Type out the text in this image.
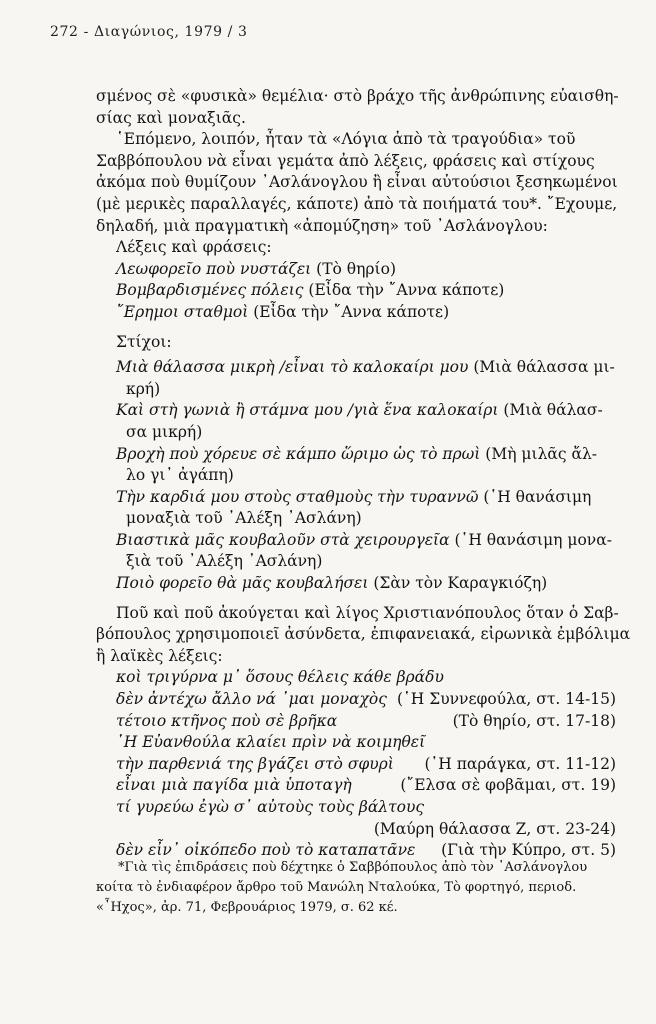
272 - Διαγώνιος, 1979 / 3
σμένος σὲ «φυσικὰ» θεμέλια· στὸ βράχο τῆς ἀνθρώπινης εὐαισθη-
σίας καὶ μοναξιᾶς.
῾Επόμενο, λοιπόν, ἦταν τὰ «Λόγια ἀπὸ τὰ τραγούδια» τοῦ
Σαββόπουλου νὰ εἶναι γεμάτα ἀπὸ λέξεις, φράσεις καὶ στίχους
ἀκόμα ποὺ θυμίζουν ᾿Ασλάνογλου ἢ εἶναι αὐτούσιοι ξεσηκωμένοι
(μὲ μερικὲς παραλλαγές, κάποτε) ἀπὸ τὰ ποιήματά του*. ῎Εχουμε,
δηλαδή, μιὰ πραγματικὴ «ἀπομύζηση» τοῦ ᾿Ασλάνογλου:
Λέξεις καὶ φράσεις:
Λεωφορεῖο ποὺ νυστάζει (Τὸ θηρίο)
Βομβαρδισμένες πόλεις (Εἶδα τὴν ῎Αννα κάποτε)
῎Ερημοι σταθμοὶ (Εἶδα τὴν ῎Αννα κάποτε)
Στίχοι:
Μιὰ θάλασσα μικρὴ /εἶναι τὸ καλοκαίρι μου (Μιὰ θάλασσα μι-
κρή)
Καὶ στὴ γωνιὰ ἢ στάμνα μου /γιὰ ἕνα καλοκαίρι (Μιὰ θάλασ-
σα μικρή)
Βροχὴ ποὺ χόρευε σὲ κάμπο ὥριμο ὡς τὸ πρωὶ (Μὴ μιλᾶς ἄλ-
λο γι᾿ ἀγάπη)
Τὴν καρδιά μου στοὺς σταθμοὺς τὴν τυραννῶ (῾Η θανάσιμη
μοναξιὰ τοῦ ᾿Αλέξη ᾿Ασλάνη)
Βιαστικὰ μᾶς κουβαλοῦν στὰ χειρουργεῖα (῾Η θανάσιμη μονα-
ξιὰ τοῦ ᾿Αλέξη ᾿Ασλάνη)
Ποιὸ φορεῖο θὰ μᾶς κουβαλήσει (Σὰν τὸν Καραγκιόζη)
Ποῦ καὶ ποῦ ἀκούγεται καὶ λίγος Χριστιανόπουλος ὅταν ὁ Σαβ-
βόπουλος χρησιμοποιεῖ ἀσύνδετα, ἐπιφανειακά, εἰρωνικὰ ἐμβόλιμα
ἢ λαϊκὲς λέξεις:
κοὶ τριγύρνα μ᾿ ὅσους θέλεις κάθε βράδυ
δὲν ἀντέχω ἄλλο νά ᾿μαι μοναχὸς (῾Η Συννεφούλα, στ. 14-15)
τέτοιο κτῆνος ποὺ σὲ βρῆκα	(Τὸ θηρίο, στ. 17-18)
῾Η Εὐανθούλα κλαίει πρὶν νὰ κοιμηθεῖ
τὴν παρθενιά της βγάζει στὸ σφυρὶ (῾Η παράγκα, στ. 11-12)
εἶναι μιὰ παγίδα μιὰ ὑποταγὴ	(῎Ελσα σὲ φοβᾶμαι, στ. 19)
τί γυρεύω ἐγὼ σ᾿ αὐτοὺς τοὺς βάλτους
(Μαύρη θάλασσα Ζ, στ. 23-24)
δὲν εἶν᾿ οἰκόπεδο ποὺ τὸ καταπατᾶνε (Γιὰ τὴν Κύπρο, στ. 5)
*Γιὰ τὶς ἐπιδράσεις ποὺ δέχτηκε ὁ Σαββόπουλος ἀπὸ τὸν ᾿Ασλάνογλου
κοίτα τὸ ἐνδιαφέρον ἄρθρο τοῦ Μανώλη Νταλούκα, Τὸ φορτηγό, περιοδ.
«῏Ηχος», ἀρ. 71, Φεβρουάριος 1979, σ. 62 κέ.
